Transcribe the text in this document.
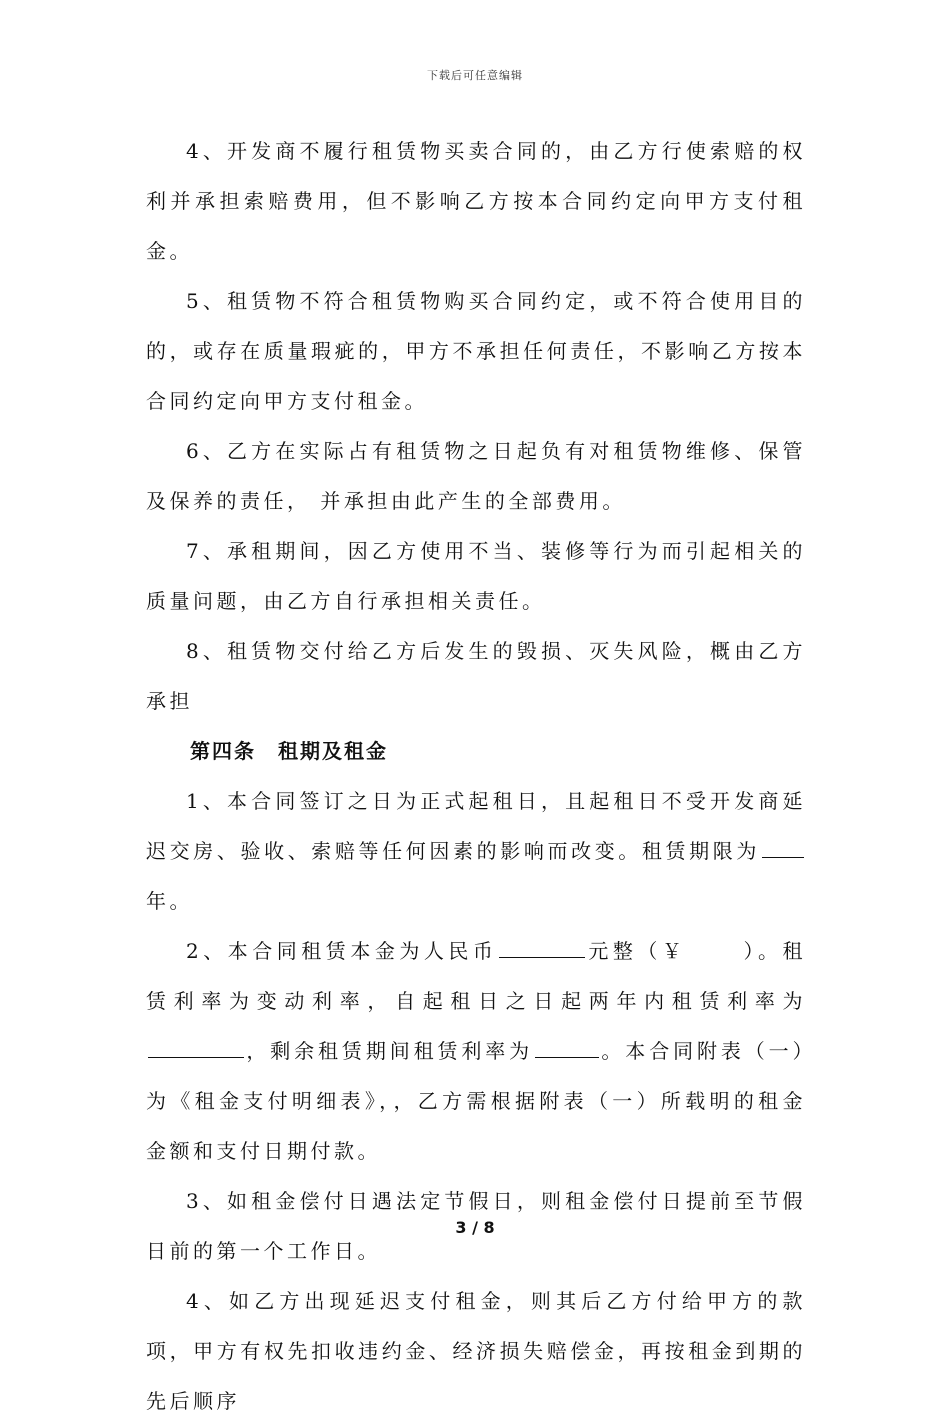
下载后可任意编辑

4、开发商不履行租赁物买卖合同的，由乙方行使索赔的权利并承担索赔费用，但不影响乙方按本合同约定向甲方支付租金。

5、租赁物不符合租赁物购买合同约定，或不符合使用目的的，或存在质量瑕疵的，甲方不承担任何责任，不影响乙方按本合同约定向甲方支付租金。

6、乙方在实际占有租赁物之日起负有对租赁物维修、保管及保养的责任， 并承担由此产生的全部费用。

7、承租期间，因乙方使用不当、装修等行为而引起相关的质量问题，由乙方自行承担相关责任。

8、租赁物交付给乙方后发生的毁损、灭失风险，概由乙方承担

第四条　租期及租金

1、本合同签订之日为正式起租日，且起租日不受开发商延迟交房、验收、索赔等任何因素的影响而改变。租赁期限为年。

2、本合同租赁本金为人民币	元整（￥	）。租赁利率为变动利率，自起租日之日起两年内租赁利率为，剩余租赁期间租赁利率为	。本合同附表（一）为《租金支付明细表》，，乙方需根据附表（一）所载明的租金金额和支付日期付款。

3、如租金偿付日遇法定节假日，则租金偿付日提前至节假日前的第一个工作日。

4、如乙方出现延迟支付租金，则其后乙方付给甲方的款项，甲方有权先扣收违约金、经济损失赔偿金，再按租金到期的先后顺序

3 / 8
